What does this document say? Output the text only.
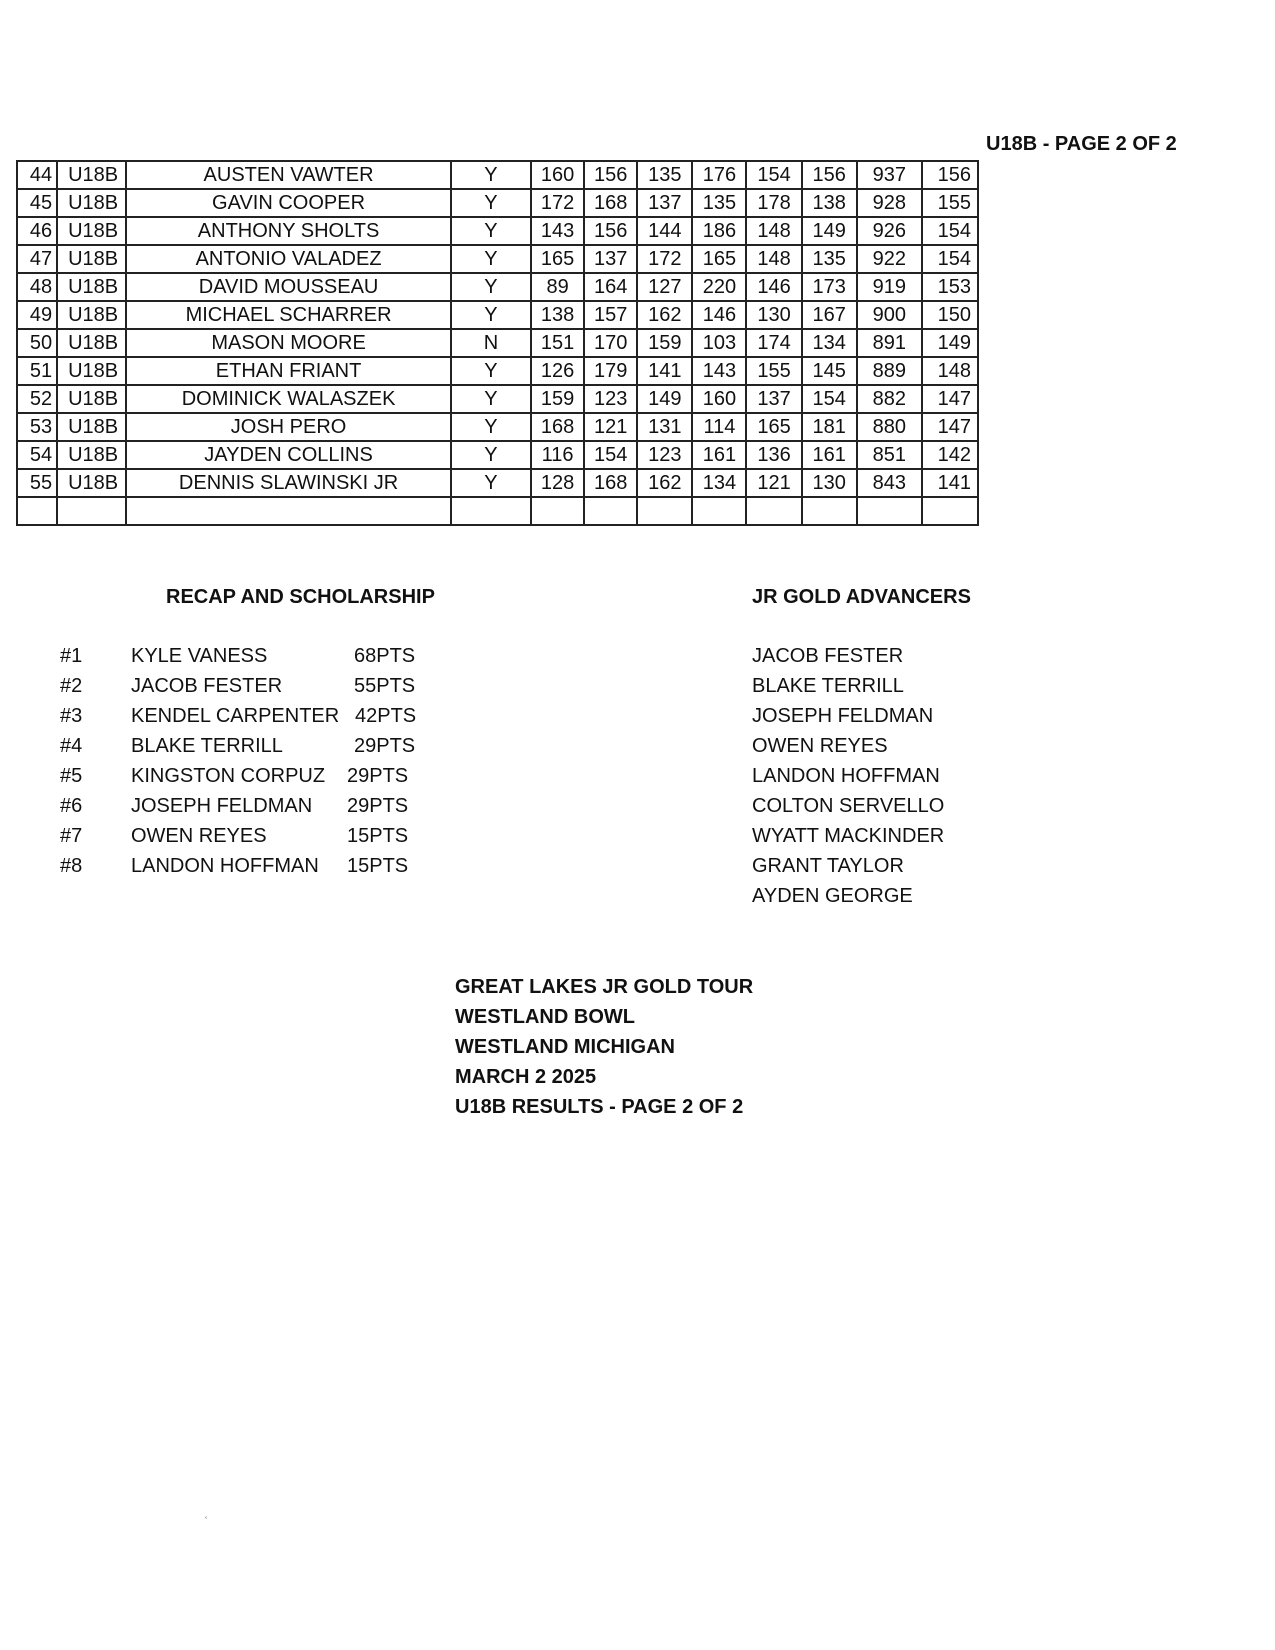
U18B - PAGE 2 OF 2
44	U18B	AUSTEN VAWTER	Y	160	156	135	176	154	156	937	156
45	U18B	GAVIN COOPER	Y	172	168	137	135	178	138	928	155
46	U18B	ANTHONY SHOLTS	Y	143	156	144	186	148	149	926	154
47	U18B	ANTONIO VALADEZ	Y	165	137	172	165	148	135	922	154
48	U18B	DAVID MOUSSEAU	Y	89	164	127	220	146	173	919	153
49	U18B	MICHAEL SCHARRER	Y	138	157	162	146	130	167	900	150
50	U18B	MASON MOORE	N	151	170	159	103	174	134	891	149
51	U18B	ETHAN FRIANT	Y	126	179	141	143	155	145	889	148
52	U18B	DOMINICK WALASZEK	Y	159	123	149	160	137	154	882	147
53	U18B	JOSH PERO	Y	168	121	131	114	165	181	880	147
54	U18B	JAYDEN COLLINS	Y	116	154	123	161	136	161	851	142
55	U18B	DENNIS SLAWINSKI JR	Y	128	168	162	134	121	130	843	141

RECAP AND SCHOLARSHIP	JR GOLD ADVANCERS
#1 KYLE VANESS	68PTS
#2 JACOB FESTER	55PTS
#3 KENDEL CARPENTER 42PTS
#4 BLAKE TERRILL	29PTS
#5 KINGSTON CORPUZ 29PTS
#6 JOSEPH FELDMAN 29PTS
#7 OWEN REYES	15PTS
#8 LANDON HOFFMAN 15PTS
JACOB FESTER
BLAKE TERRILL
JOSEPH FELDMAN
OWEN REYES
LANDON HOFFMAN
COLTON SERVELLO
WYATT MACKINDER
GRANT TAYLOR
AYDEN GEORGE
GREAT LAKES JR GOLD TOUR
WESTLAND BOWL
WESTLAND MICHIGAN
MARCH 2 2025
U18B RESULTS - PAGE 2 OF 2
ʿ
